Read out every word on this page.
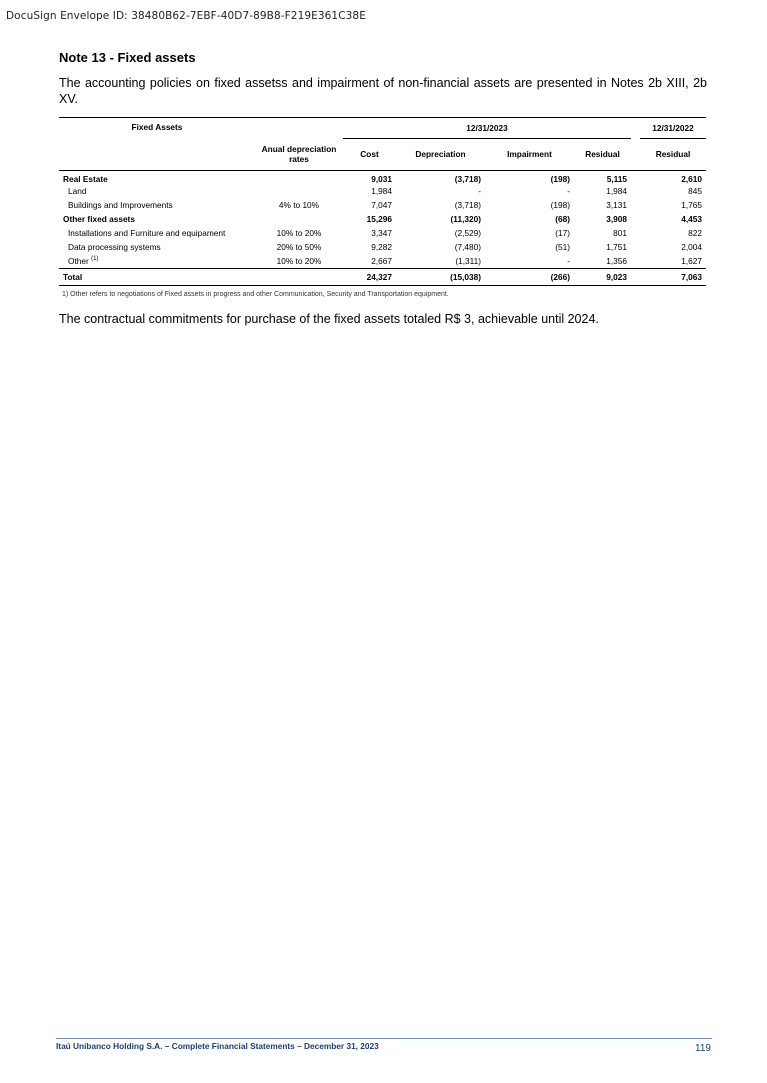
DocuSign Envelope ID: 38480B62-7EBF-40D7-89B8-F219E361C38E
Note 13 - Fixed assets
The accounting policies on fixed assetss and impairment of non-financial assets are presented in Notes 2b XIII, 2b XV.

Fixed Assets		12/31/2023					12/31/2022
	Anual depreciation rates	Cost	Depreciation	Impairment	Residual		Residual
Real Estate		9,031	(3,718)	(198)	5,115		2,610
Land		1,984	-	-	1,984		845
Buildings and Improvements	4% to 10%	7,047	(3,718)	(198)	3,131		1,765
Other fixed assets		15,296	(11,320)	(68)	3,908		4,453
Installations and Furniture and equipament	10% to 20%	3,347	(2,529)	(17)	801		822
Data processing systems	20% to 50%	9,282	(7,480)	(51)	1,751		2,004
Other $^{(1)}$	10% to 20%	2,667	(1,311)	-	1,356		1,627
Total		24,327	(15,038)	(266)	9,023		7,063
1) Other refers to negotiations of Fixed assets in progress and other Communication, Security and Transportation equipment.
The contractual commitments for purchase of the fixed assets totaled R$ 3, achievable until 2024.
Itaú Unibanco Holding S.A. – Complete Financial Statements – December 31, 2023	119
